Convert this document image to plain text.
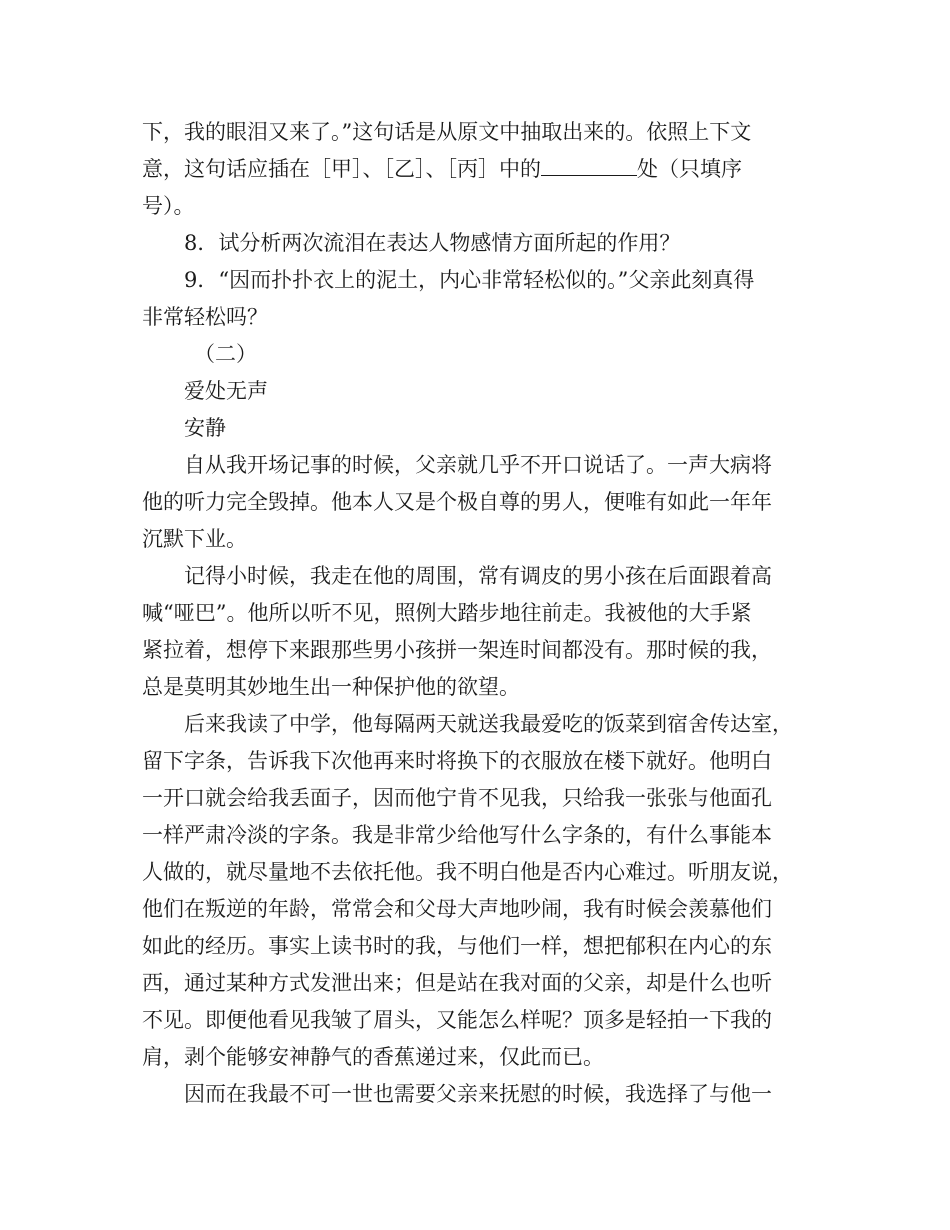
下，我的眼泪又来了。”这句话是从原文中抽取出来的。依照上下文
意，这句话应插在［甲］、［乙］、［丙］中的	处（只填序
号）。

8．试分析两次流泪在表达人物感情方面所起的作用？

9．“因而扑扑衣上的泥土，内心非常轻松似的。”父亲此刻真得
非常轻松吗？

（二）

爱处无声

安静

自从我开场记事的时候，父亲就几乎不开口说话了。一声大病将
他的听力完全毁掉。他本人又是个极自尊的男人，便唯有如此一年年
沉默下业。

记得小时候，我走在他的周围，常有调皮的男小孩在后面跟着高
喊“哑巴”。他所以听不见，照例大踏步地往前走。我被他的大手紧
紧拉着，想停下来跟那些男小孩拼一架连时间都没有。那时候的我，
总是莫明其妙地生出一种保护他的欲望。

后来我读了中学，他每隔两天就送我最爱吃的饭菜到宿舍传达室，
留下字条，告诉我下次他再来时将换下的衣服放在楼下就好。他明白
一开口就会给我丢面子，因而他宁肯不见我，只给我一张张与他面孔
一样严肃冷淡的字条。我是非常少给他写什么字条的，有什么事能本
人做的，就尽量地不去依托他。我不明白他是否内心难过。听朋友说，
他们在叛逆的年龄，常常会和父母大声地吵闹，我有时候会羡慕他们
如此的经历。事实上读书时的我，与他们一样，想把郁积在内心的东
西，通过某种方式发泄出来；但是站在我对面的父亲，却是什么也听
不见。即便他看见我皱了眉头，又能怎么样呢？顶多是轻拍一下我的
肩，剥个能够安神静气的香蕉递过来，仅此而已。

因而在我最不可一世也需要父亲来抚慰的时候，我选择了与他一
